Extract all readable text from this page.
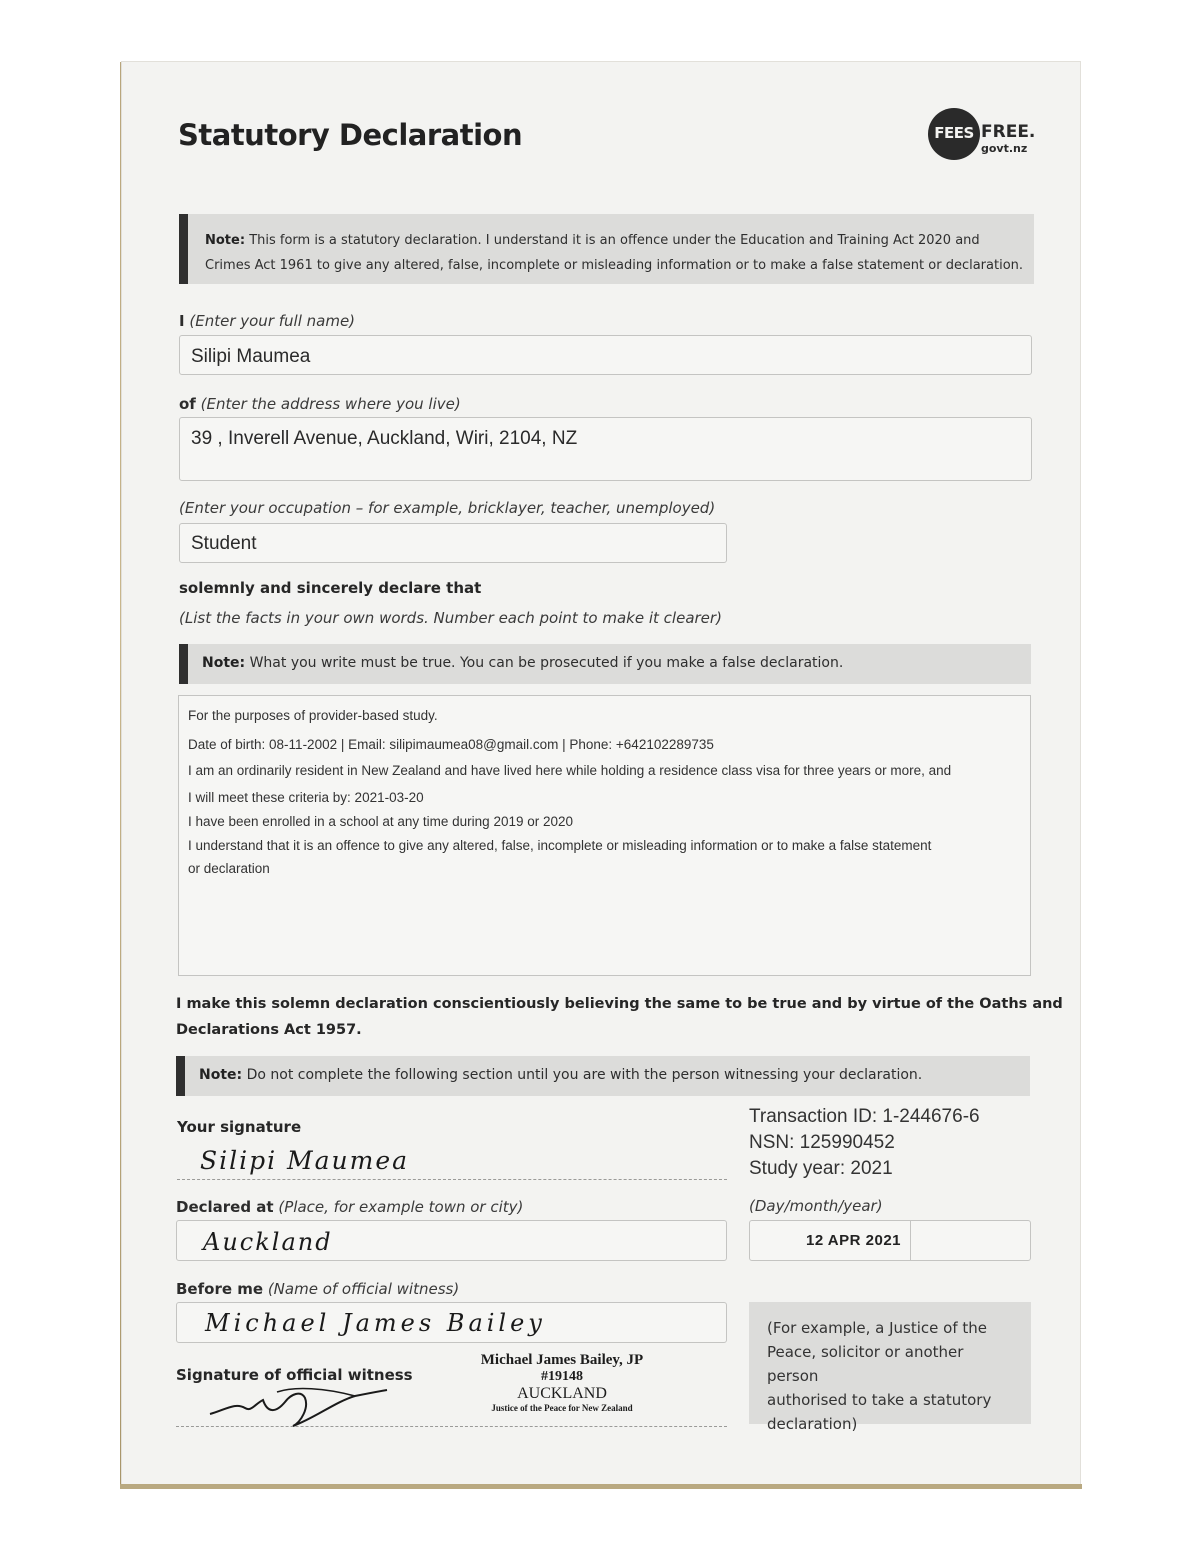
Statutory Declaration	FEES FREE.
govt.nz
Note: This form is a statutory declaration. I understand it is an offence under the Education and Training Act 2020 and
Crimes Act 1961 to give any altered, false, incomplete or misleading information or to make a false statement or declaration.
I (Enter your full name)
Silipi Maumea
of (Enter the address where you live)
39 , Inverell Avenue, Auckland, Wiri, 2104, NZ
(Enter your occupation – for example, bricklayer, teacher, unemployed)
Student
solemnly and sincerely declare that
(List the facts in your own words. Number each point to make it clearer)
Note: What you write must be true. You can be prosecuted if you make a false declaration.
For the purposes of provider-based study.
Date of birth: 08-11-2002 | Email: silipimaumea08@gmail.com | Phone: +642102289735
I am an ordinarily resident in New Zealand and have lived here while holding a residence class visa for three years or more, and
I will meet these criteria by: 2021-03-20
I have been enrolled in a school at any time during 2019 or 2020
I understand that it is an offence to give any altered, false, incomplete or misleading information or to make a false statement
or declaration
I make this solemn declaration conscientiously believing the same to be true and by virtue of the Oaths and
Declarations Act 1957.
Note: Do not complete the following section until you are with the person witnessing your declaration.
Your signature
Silipi Maumea
Transaction ID: 1-244676-6
NSN: 125990452
Study year: 2021
Declared at (Place, for example town or city)
Auckland
(Day/month/year)
12 APR 2021
Before me (Name of official witness)
Michael James Bailey
Signature of official witness
Michael James Bailey, JP
#19148
AUCKLAND
Justice of the Peace for New Zealand
(For example, a Justice of the
Peace, solicitor or another person
authorised to take a statutory
declaration)
